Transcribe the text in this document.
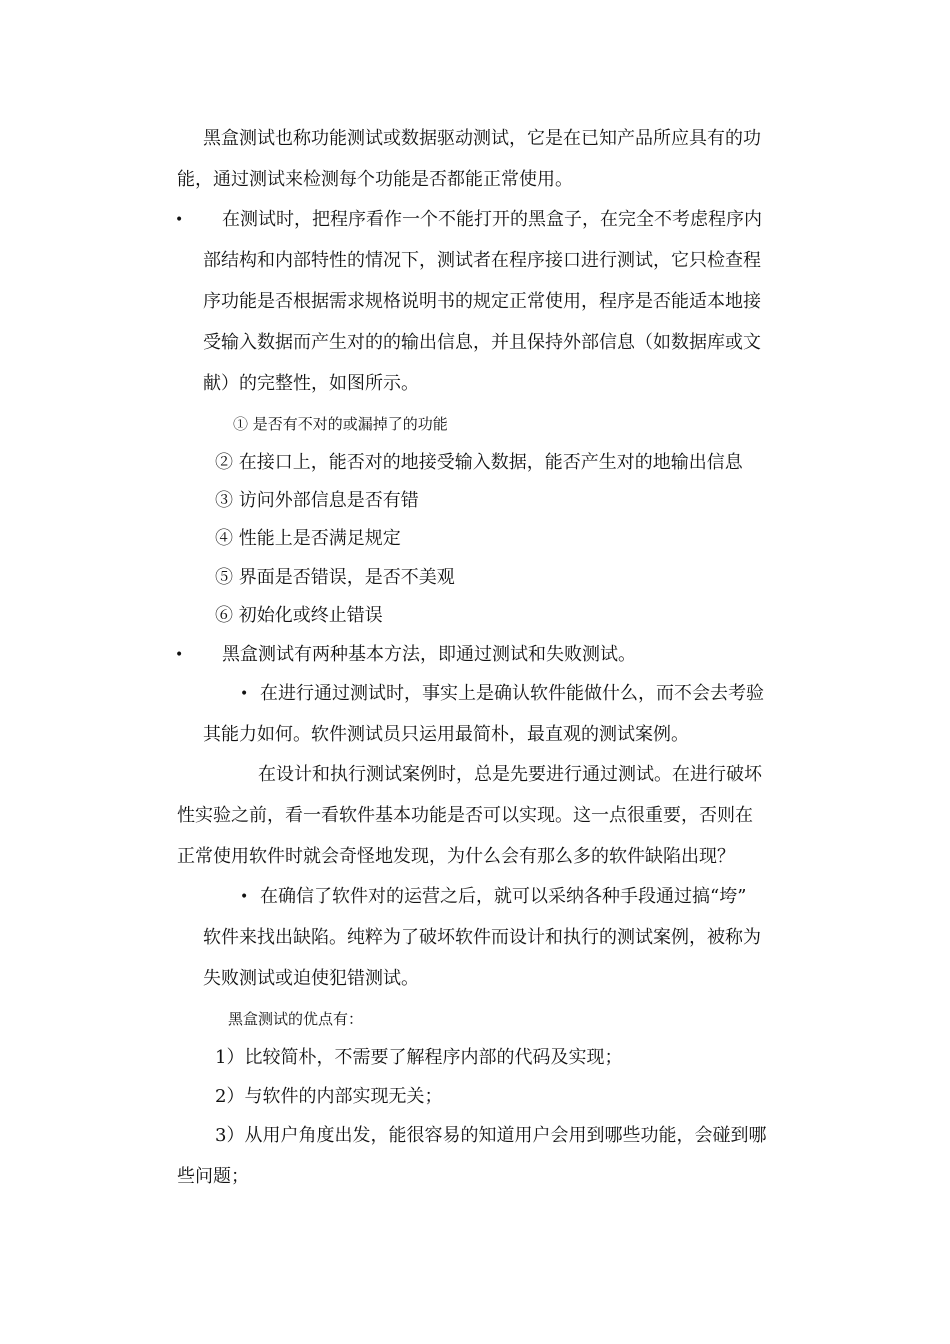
黑盒测试也称功能测试或数据驱动测试，它是在已知产品所应具有的功
能，通过测试来检测每个功能是否都能正常使用。
• 在测试时，把程序看作一个不能打开的黑盒子，在完全不考虑程序内
部结构和内部特性的情况下，测试者在程序接口进行测试，它只检查程
序功能是否根据需求规格说明书的规定正常使用，程序是否能适本地接
受输入数据而产生对的的输出信息，并且保持外部信息（如数据库或文
献）的完整性，如图所示。
① 是否有不对的或漏掉了的功能
② 在接口上，能否对的地接受输入数据，能否产生对的地输出信息
③ 访问外部信息是否有错
④ 性能上是否满足规定
⑤ 界面是否错误，是否不美观
⑥ 初始化或终止错误
• 黑盒测试有两种基本方法，即通过测试和失败测试。
• 在进行通过测试时，事实上是确认软件能做什么，而不会去考验
其能力如何。软件测试员只运用最简朴，最直观的测试案例。
在设计和执行测试案例时，总是先要进行通过测试。在进行破坏
性实验之前，看一看软件基本功能是否可以实现。这一点很重要，否则在
正常使用软件时就会奇怪地发现，为什么会有那么多的软件缺陷出现？
• 在确信了软件对的运营之后，就可以采纳各种手段通过搞“垮”
软件来找出缺陷。纯粹为了破坏软件而设计和执行的测试案例，被称为
失败测试或迫使犯错测试。
黑盒测试的优点有：
1）比较简朴，不需要了解程序内部的代码及实现；
2）与软件的内部实现无关；
3）从用户角度出发，能很容易的知道用户会用到哪些功能，会碰到哪
些问题；
